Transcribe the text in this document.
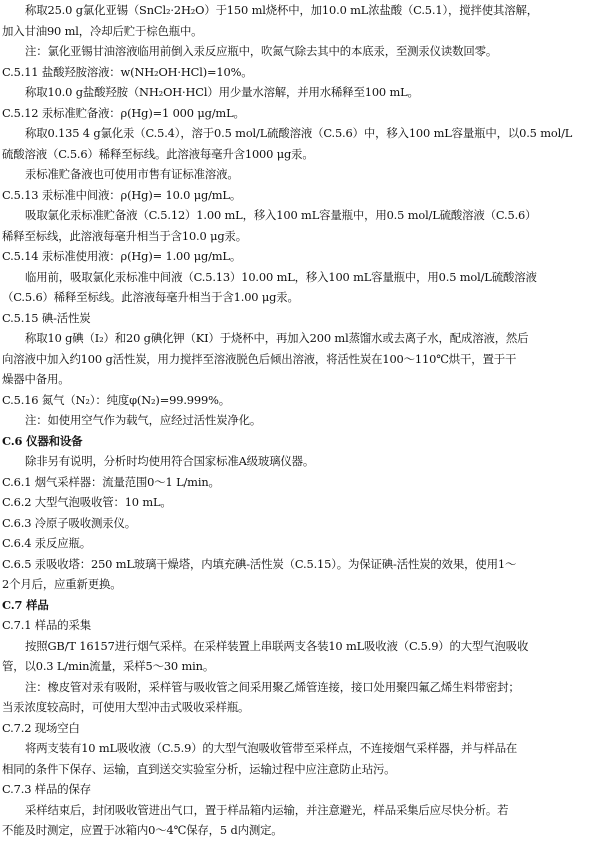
称取25.0 g氯化亚锡（SnCl₂·2H₂O）于150 ml烧杯中，加10.0 mL浓盐酸（C.5.1），搅拌使其溶解，
加入甘油90 ml，冷却后贮于棕色瓶中。
注：氯化亚锡甘油溶液临用前倒入汞反应瓶中，吹氮气除去其中的本底汞，至测汞仪读数回零。
C.5.11 盐酸羟胺溶液：w(NH₂OH·HCl)=10%。
称取10.0 g盐酸羟胺（NH₂OH·HCl）用少量水溶解，并用水稀释至100 mL。
C.5.12 汞标准贮备液：ρ(Hg)=1 000 μg/mL。
称取0.135 4 g氯化汞（C.5.4），溶于0.5 mol/L硫酸溶液（C.5.6）中，移入100 mL容量瓶中，以0.5 mol/L
硫酸溶液（C.5.6）稀释至标线。此溶液每毫升含1000 μg汞。
汞标准贮备液也可使用市售有证标准溶液。
C.5.13 汞标准中间液：ρ(Hg)= 10.0 μg/mL。
吸取氯化汞标准贮备液（C.5.12）1.00 mL，移入100 mL容量瓶中，用0.5 mol/L硫酸溶液（C.5.6）
稀释至标线，此溶液每毫升相当于含10.0 μg汞。
C.5.14 汞标准使用液：ρ(Hg)= 1.00 μg/mL。
临用前，吸取氯化汞标准中间液（C.5.13）10.00 mL，移入100 mL容量瓶中，用0.5 mol/L硫酸溶液
（C.5.6）稀释至标线。此溶液每毫升相当于含1.00 μg汞。
C.5.15 碘-活性炭
称取10 g碘（I₂）和20 g碘化钾（KI）于烧杯中，再加入200 ml蒸馏水或去离子水，配成溶液，然后
向溶液中加入约100 g活性炭，用力搅拌至溶液脱色后倾出溶液，将活性炭在100～110℃烘干，置于干
燥器中备用。
C.5.16 氮气（N₂）：纯度φ(N₂)=99.999%。
注：如使用空气作为载气，应经过活性炭净化。
C.6 仪器和设备
除非另有说明，分析时均使用符合国家标准A级玻璃仪器。
C.6.1 烟气采样器：流量范围0～1 L/min。
C.6.2 大型气泡吸收管：10 mL。
C.6.3 冷原子吸收测汞仪。
C.6.4 汞反应瓶。
C.6.5 汞吸收塔：250 mL玻璃干燥塔，内填充碘-活性炭（C.5.15）。为保证碘-活性炭的效果，使用1～
2个月后，应重新更换。
C.7 样品
C.7.1 样品的采集
按照GB/T 16157进行烟气采样。在采样装置上串联两支各装10 mL吸收液（C.5.9）的大型气泡吸收
管，以0.3 L/min流量，采样5～30 min。
注：橡皮管对汞有吸附，采样管与吸收管之间采用聚乙烯管连接，接口处用聚四氟乙烯生料带密封；
当汞浓度较高时，可使用大型冲击式吸收采样瓶。
C.7.2 现场空白
将两支装有10 mL吸收液（C.5.9）的大型气泡吸收管带至采样点，不连接烟气采样器，并与样品在
相同的条件下保存、运输，直到送交实验室分析，运输过程中应注意防止玷污。
C.7.3 样品的保存
采样结束后，封闭吸收管进出气口，置于样品箱内运输，并注意避光，样品采集后应尽快分析。若
不能及时测定，应置于冰箱内0～4℃保存，5 d内测定。
